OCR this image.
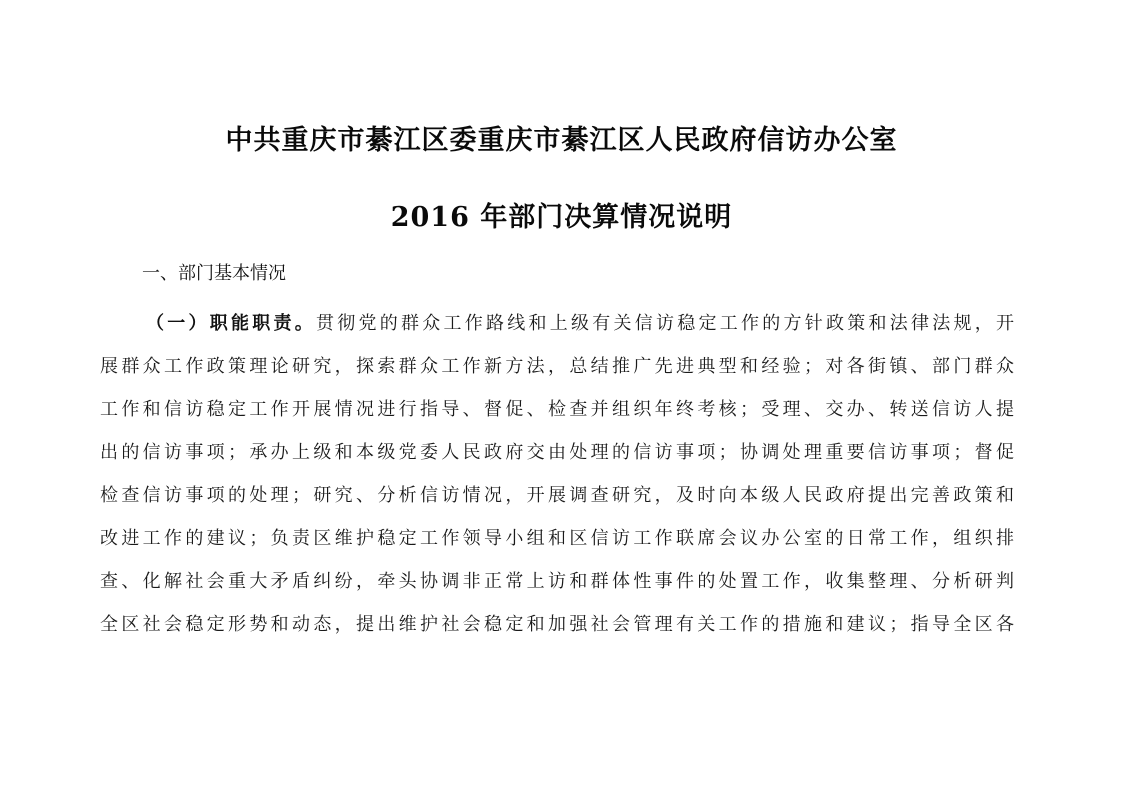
中共重庆市綦江区委重庆市綦江区人民政府信访办公室
2016 年部门决算情况说明
一、部门基本情况
（一）职能职责。贯彻党的群众工作路线和上级有关信访稳定工作的方针政策和法律法规，开
展群众工作政策理论研究，探索群众工作新方法，总结推广先进典型和经验；对各街镇、部门群众
工作和信访稳定工作开展情况进行指导、督促、检查并组织年终考核；受理、交办、转送信访人提
出的信访事项；承办上级和本级党委人民政府交由处理的信访事项；协调处理重要信访事项；督促
检查信访事项的处理；研究、分析信访情况，开展调查研究，及时向本级人民政府提出完善政策和
改进工作的建议；负责区维护稳定工作领导小组和区信访工作联席会议办公室的日常工作，组织排
查、化解社会重大矛盾纠纷，牵头协调非正常上访和群体性事件的处置工作，收集整理、分析研判
全区社会稳定形势和动态，提出维护社会稳定和加强社会管理有关工作的措施和建议；指导全区各
